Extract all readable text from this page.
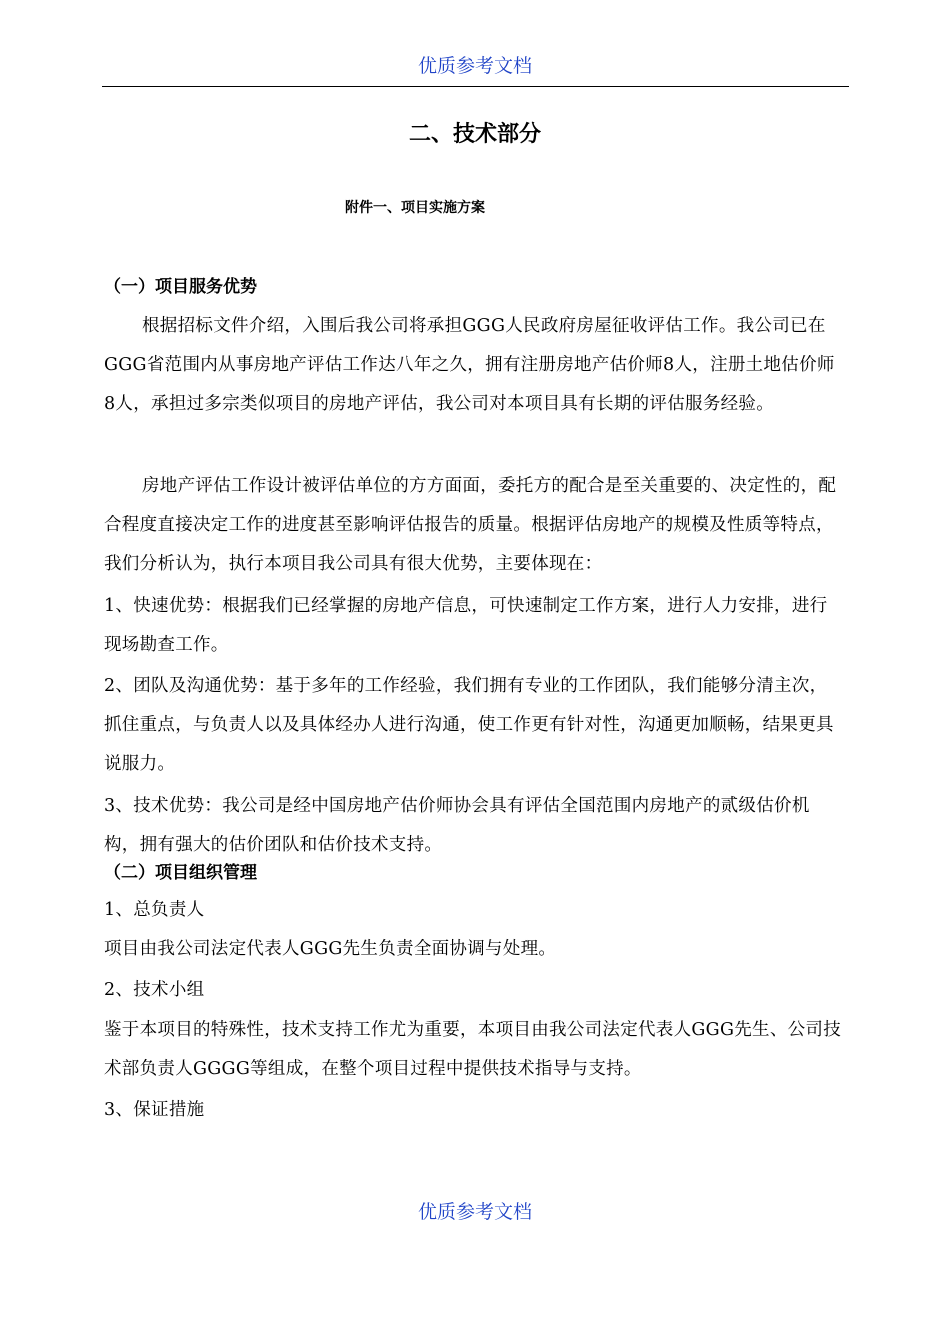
优质参考文档
二、技术部分
附件一、项目实施方案
（一）项目服务优势

根据招标文件介绍，入围后我公司将承担GGG人民政府房屋征收评估工作。我公司已在GGG省范围内从事房地产评估工作达八年之久，拥有注册房地产估价师8人，注册土地估价师8人，承担过多宗类似项目的房地产评估，我公司对本项目具有长期的评估服务经验。

房地产评估工作设计被评估单位的方方面面，委托方的配合是至关重要的、决定性的，配合程度直接决定工作的进度甚至影响评估报告的质量。根据评估房地产的规模及性质等特点，我们分析认为，执行本项目我公司具有很大优势，主要体现在：

1、快速优势：根据我们已经掌握的房地产信息，可快速制定工作方案，进行人力安排，进行现场勘查工作。

2、团队及沟通优势：基于多年的工作经验，我们拥有专业的工作团队，我们能够分清主次，抓住重点，与负责人以及具体经办人进行沟通，使工作更有针对性，沟通更加顺畅，结果更具说服力。

3、技术优势：我公司是经中国房地产估价师协会具有评估全国范围内房地产的贰级估价机构，拥有强大的估价团队和估价技术支持。

（二）项目组织管理

1、总负责人

项目由我公司法定代表人GGG先生负责全面协调与处理。

2、技术小组

鉴于本项目的特殊性，技术支持工作尤为重要，本项目由我公司法定代表人GGG先生、公司技术部负责人GGGG等组成，在整个项目过程中提供技术指导与支持。

3、保证措施

优质参考文档
